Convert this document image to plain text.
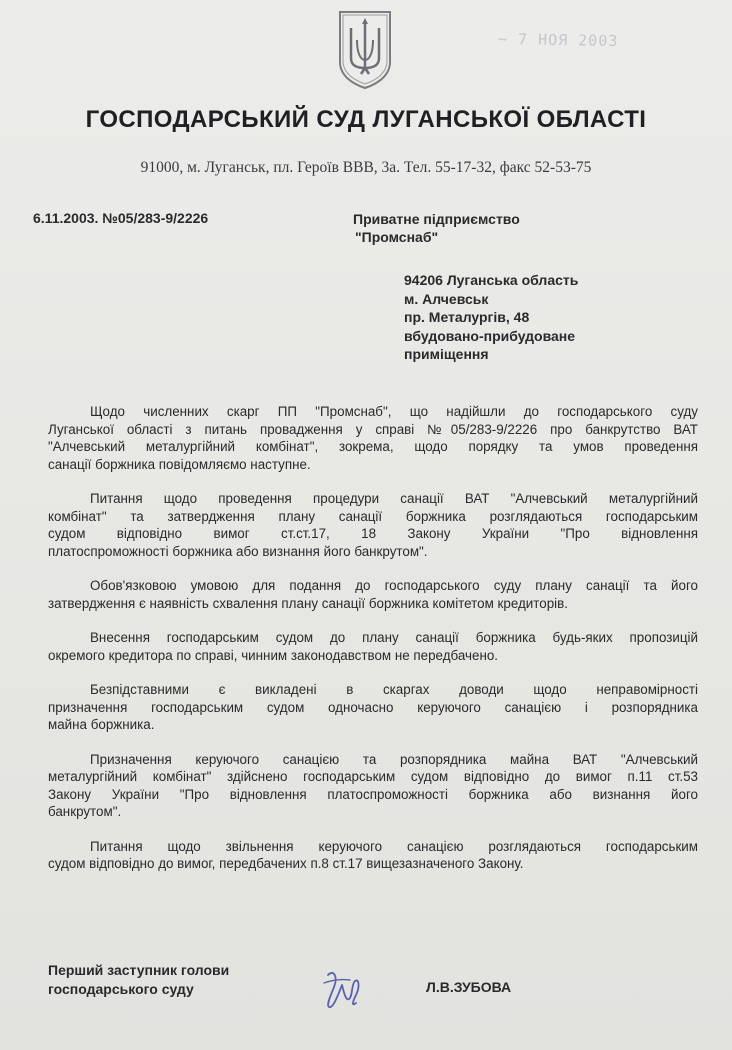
~ 7 НОЯ 2003
ГОСПОДАРСЬКИЙ СУД ЛУГАНСЬКОЇ ОБЛАСТІ
91000, м. Луганськ, пл. Героїв ВВВ, 3а. Тел. 55-17-32, факс 52-53-75
6.11.2003. №05/283-9/2226	Приватне підприємство
"Промснаб"
94206 Луганська область
м. Алчевськ
пр. Металургів, 48
вбудовано-прибудоване
приміщення

Щодо численних скарг ПП "Промснаб", що надійшли до господарського суду
Луганської області з питань провадження у справі №05/283-9/2226 про банкрутство ВАТ
"Алчевський металургійний комбінат", зокрема, щодо порядку та умов проведення
санації боржника повідомляємо наступне.

Питання щодо проведення процедури санації ВАТ "Алчевський металургійний
комбінат" та затвердження плану санації боржника розглядаються господарським
судом відповідно вимог ст.ст.17, 18 Закону України "Про відновлення
платоспроможності боржника або визнання його банкрутом".

Обов'язковою умовою для подання до господарського суду плану санації та його
затвердження є наявність схвалення плану санації боржника комітетом кредиторів.

Внесення господарським судом до плану санації боржника будь-яких пропозицій
окремого кредитора по справі, чинним законодавством не передбачено.

Безпідставними є викладені в скаргах доводи щодо неправомірності
призначення господарським судом одночасно керуючого санацією і розпорядника
майна боржника.

Призначення керуючого санацією та розпорядника майна ВАТ "Алчевський
металургійний комбінат" здійснено господарським судом відповідно до вимог п.11 ст.53
Закону України "Про відновлення платоспроможності боржника або визнання його
банкрутом".

Питання щодо звільнення керуючого санацією розглядаються господарським
судом відповідно до вимог, передбачених п.8 ст.17 вищезазначеного Закону.

Перший заступник голови
господарського суду	Л.В.ЗУБОВА
